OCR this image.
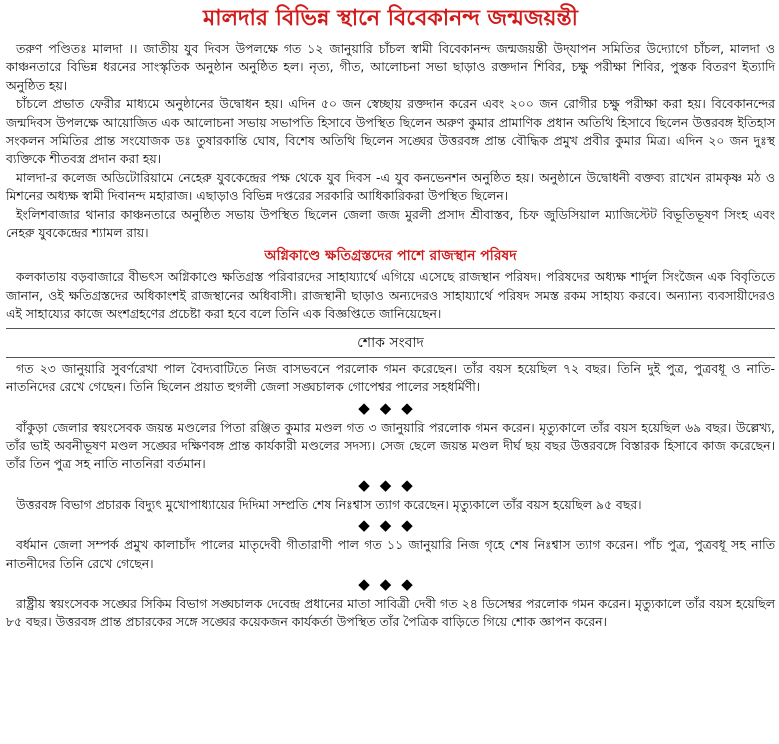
মালদার বিভিন্ন স্থানে বিবেকানন্দ জন্মজয়ন্তী

তরুণ পণ্ডিতঃ মালদা ।। জাতীয় যুব দিবস উপলক্ষে গত ১২ জানুয়ারি চাঁচল স্বামী বিবেকানন্দ জন্মজয়ন্তী উদ্‌যাপন সমিতির উদ্যোগে চাঁচল, মালদা ও কাঞ্চনতারে বিভিন্ন ধরনের সাংস্কৃতিক অনুষ্ঠান অনুষ্ঠিত হল। নৃত্য, গীত, আলোচনা সভা ছাড়াও রক্তদান শিবির, চক্ষু পরীক্ষা শিবির, পুস্তক বিতরণ ইত্যাদি অনুষ্ঠিত হয়।

চাঁচলে প্রভাত ফেরীর মাধ্যমে অনুষ্ঠানের উদ্বোধন হয়। এদিন ৫০ জন স্বেচ্ছায় রক্তদান করেন এবং ২০০ জন রোগীর চক্ষু পরীক্ষা করা হয়। বিবেকানন্দের জন্মদিবস উপলক্ষে আয়োজিত এক আলোচনা সভায় সভাপতি হিসাবে উপস্থিত ছিলেন অরুণ কুমার প্রামাণিক প্রধান অতিথি হিসাবে ছিলেন উত্তরবঙ্গ ইতিহাস সংকলন সমিতির প্রান্ত সংযোজক ডঃ তুষারকান্তি ঘোষ, বিশেষ অতিথি ছিলেন সঙ্ঘের উত্তরবঙ্গ প্রান্ত বৌদ্ধিক প্রমুখ প্রবীর কুমার মিত্র। এদিন ২০ জন দুঃস্থ ব্যক্তিকে শীতবস্ত্র প্রদান করা হয়।

মালদা-র কলেজ অডিটোরিয়ামে নেহেরু যুবকেন্দ্রের পক্ষ থেকে যুব দিবস -এ যুব কনভেনশন অনুষ্ঠিত হয়। অনুষ্ঠানে উদ্বোধনী বক্তব্য রাখেন রামকৃষ্ণ মঠ ও মিশনের অধ্যক্ষ স্বামী দিবানন্দ মহারাজ। এছাড়াও বিভিন্ন দপ্তরের সরকারি আধিকারিকরা উপস্থিত ছিলেন।

ইংলিশবাজার থানার কাঞ্চনতারে অনুষ্ঠিত সভায় উপস্থিত ছিলেন জেলা জজ মুরলী প্রসাদ শ্রীবাস্তব, চিফ জুডিসিয়াল ম্যাজিস্টেট বিভূতিভূষণ সিংহ এবং নেহরু যুবকেন্দ্রের শ্যামল রায়।

অগ্নিকাণ্ডে ক্ষতিগ্রস্তদের পাশে রাজস্থান পরিষদ

কলকাতায় বড়বাজারে বীভৎস অগ্নিকাণ্ডে ক্ষতিগ্রস্ত পরিবারদের সাহায্যার্থে এগিয়ে এসেছে রাজস্থান পরিষদ। পরিষদের অধ্যক্ষ শার্দুল সিংজৈন এক বিবৃতিতে জানান, ওই ক্ষতিগ্রস্তদের অধিকাংশই রাজস্থানের অধিবাসী। রাজস্থানী ছাড়াও অন্যদেরও সাহায্যার্থে পরিষদ সমস্ত রকম সাহায্য করবে। অন্যান্য ব্যবসায়ীদেরও এই সাহায্যের কাজে অংশগ্রহণের প্রচেষ্টা করা হবে বলে তিনি এক বিজ্ঞপ্তিতে জানিয়েছেন।

শোক সংবাদ

গত ২৩ জানুয়ারি সুবর্ণরেখা পাল বৈদ্যবাটিতে নিজ বাসভবনে পরলোক গমন করেছেন। তাঁর বয়স হয়েছিল ৭২ বছর। তিনি দুই পুত্র, পুত্রবধূ ও নাতি-নাতনিদের রেখে গেছেন। তিনি ছিলেন প্রয়াত হুগলী জেলা সঙ্ঘচালক গোপেশ্বর পালের সহধর্মিণী।

◆◆◆

বাঁকুড়া জেলার স্বয়ংসেবক জয়ন্ত মণ্ডলের পিতা রঞ্জিত কুমার মণ্ডল গত ৩ জানুয়ারি পরলোক গমন করেন। মৃত্যুকালে তাঁর বয়স হয়েছিল ৬৯ বছর। উল্লেখ্য, তাঁর ভাই অবনীভূষণ মণ্ডল সঙ্ঘের দক্ষিণবঙ্গ প্রান্ত কার্যকারী মণ্ডলের সদস্য। সেজ ছেলে জয়ন্ত মণ্ডল দীর্ঘ ছয় বছর উত্তরবঙ্গে বিস্তারক হিসাবে কাজ করেছেন। তাঁর তিন পুত্র সহ নাতি নাতনিরা বর্তমান।

◆◆◆

উত্তরবঙ্গ বিভাগ প্রচারক বিদ্যুৎ মুখোপাধ্যায়ের দিদিমা সম্প্রতি শেষ নিঃশ্বাস ত্যাগ করেছেন। মৃত্যুকালে তাঁর বয়স হয়েছিল ৯৫ বছর।

◆◆◆

বর্ধমান জেলা সম্পর্ক প্রমুখ কালাচাঁদ পালের মাতৃদেবী গীতারাণী পাল গত ১১ জানুয়ারি নিজ গৃহে শেষ নিঃশ্বাস ত্যাগ করেন। পাঁচ পুত্র, পুত্রবধূ সহ নাতি নাতনীদের তিনি রেখে গেছেন।

◆◆◆

রাষ্ট্রীয় স্বয়ংসেবক সঙ্ঘের সিকিম বিভাগ সঙ্ঘচালক দেবেন্দ্র প্রধানের মাতা সাবিত্রী দেবী গত ২৪ ডিসেম্বর পরলোক গমন করেন। মৃত্যুকালে তাঁর বয়স হয়েছিল ৮৫ বছর। উত্তরবঙ্গ প্রান্ত প্রচারকের সঙ্গে সঙ্ঘের কয়েকজন কার্যকর্তা উপস্থিত তাঁর পৈত্রিক বাড়িতে গিয়ে শোক জ্ঞাপন করেন।
